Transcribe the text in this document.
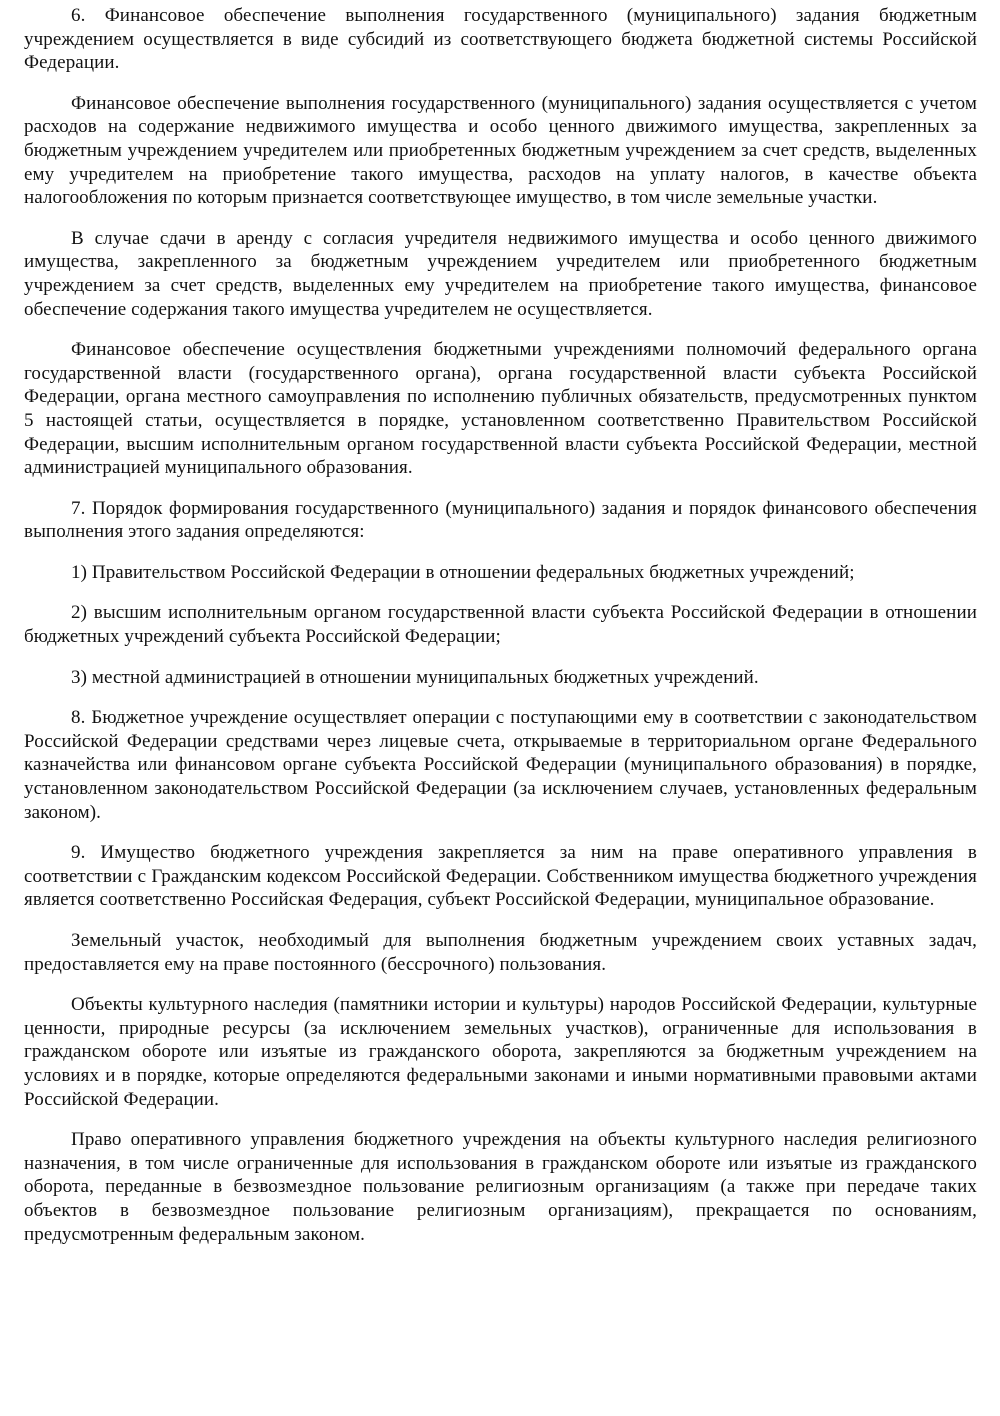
6. Финансовое обеспечение выполнения государственного (муниципального) задания бюджетным учреждением осуществляется в виде субсидий из соответствующего бюджета бюджетной системы Российской Федерации.

Финансовое обеспечение выполнения государственного (муниципального) задания осуществляется с учетом расходов на содержание недвижимого имущества и особо ценного движимого имущества, закрепленных за бюджетным учреждением учредителем или приобретенных бюджетным учреждением за счет средств, выделенных ему учредителем на приобретение такого имущества, расходов на уплату налогов, в качестве объекта налогообложения по которым признается соответствующее имущество, в том числе земельные участки.

В случае сдачи в аренду с согласия учредителя недвижимого имущества и особо ценного движимого имущества, закрепленного за бюджетным учреждением учредителем или приобретенного бюджетным учреждением за счет средств, выделенных ему учредителем на приобретение такого имущества, финансовое обеспечение содержания такого имущества учредителем не осуществляется.

Финансовое обеспечение осуществления бюджетными учреждениями полномочий федерального органа государственной власти (государственного органа), органа государственной власти субъекта Российской Федерации, органа местного самоуправления по исполнению публичных обязательств, предусмотренных пунктом 5 настоящей статьи, осуществляется в порядке, установленном соответственно Правительством Российской Федерации, высшим исполнительным органом государственной власти субъекта Российской Федерации, местной администрацией муниципального образования.

7. Порядок формирования государственного (муниципального) задания и порядок финансового обеспечения выполнения этого задания определяются:

1) Правительством Российской Федерации в отношении федеральных бюджетных учреждений;

2) высшим исполнительным органом государственной власти субъекта Российской Федерации в отношении бюджетных учреждений субъекта Российской Федерации;

3) местной администрацией в отношении муниципальных бюджетных учреждений.

8. Бюджетное учреждение осуществляет операции с поступающими ему в соответствии с законодательством Российской Федерации средствами через лицевые счета, открываемые в территориальном органе Федерального казначейства или финансовом органе субъекта Российской Федерации (муниципального образования) в порядке, установленном законодательством Российской Федерации (за исключением случаев, установленных федеральным законом).

9. Имущество бюджетного учреждения закрепляется за ним на праве оперативного управления в соответствии с Гражданским кодексом Российской Федерации. Собственником имущества бюджетного учреждения является соответственно Российская Федерация, субъект Российской Федерации, муниципальное образование.

Земельный участок, необходимый для выполнения бюджетным учреждением своих уставных задач, предоставляется ему на праве постоянного (бессрочного) пользования.

Объекты культурного наследия (памятники истории и культуры) народов Российской Федерации, культурные ценности, природные ресурсы (за исключением земельных участков), ограниченные для использования в гражданском обороте или изъятые из гражданского оборота, закрепляются за бюджетным учреждением на условиях и в порядке, которые определяются федеральными законами и иными нормативными правовыми актами Российской Федерации.

Право оперативного управления бюджетного учреждения на объекты культурного наследия религиозного назначения, в том числе ограниченные для использования в гражданском обороте или изъятые из гражданского оборота, переданные в безвозмездное пользование религиозным организациям (а также при передаче таких объектов в безвозмездное пользование религиозным организациям), прекращается по основаниям, предусмотренным федеральным законом.
